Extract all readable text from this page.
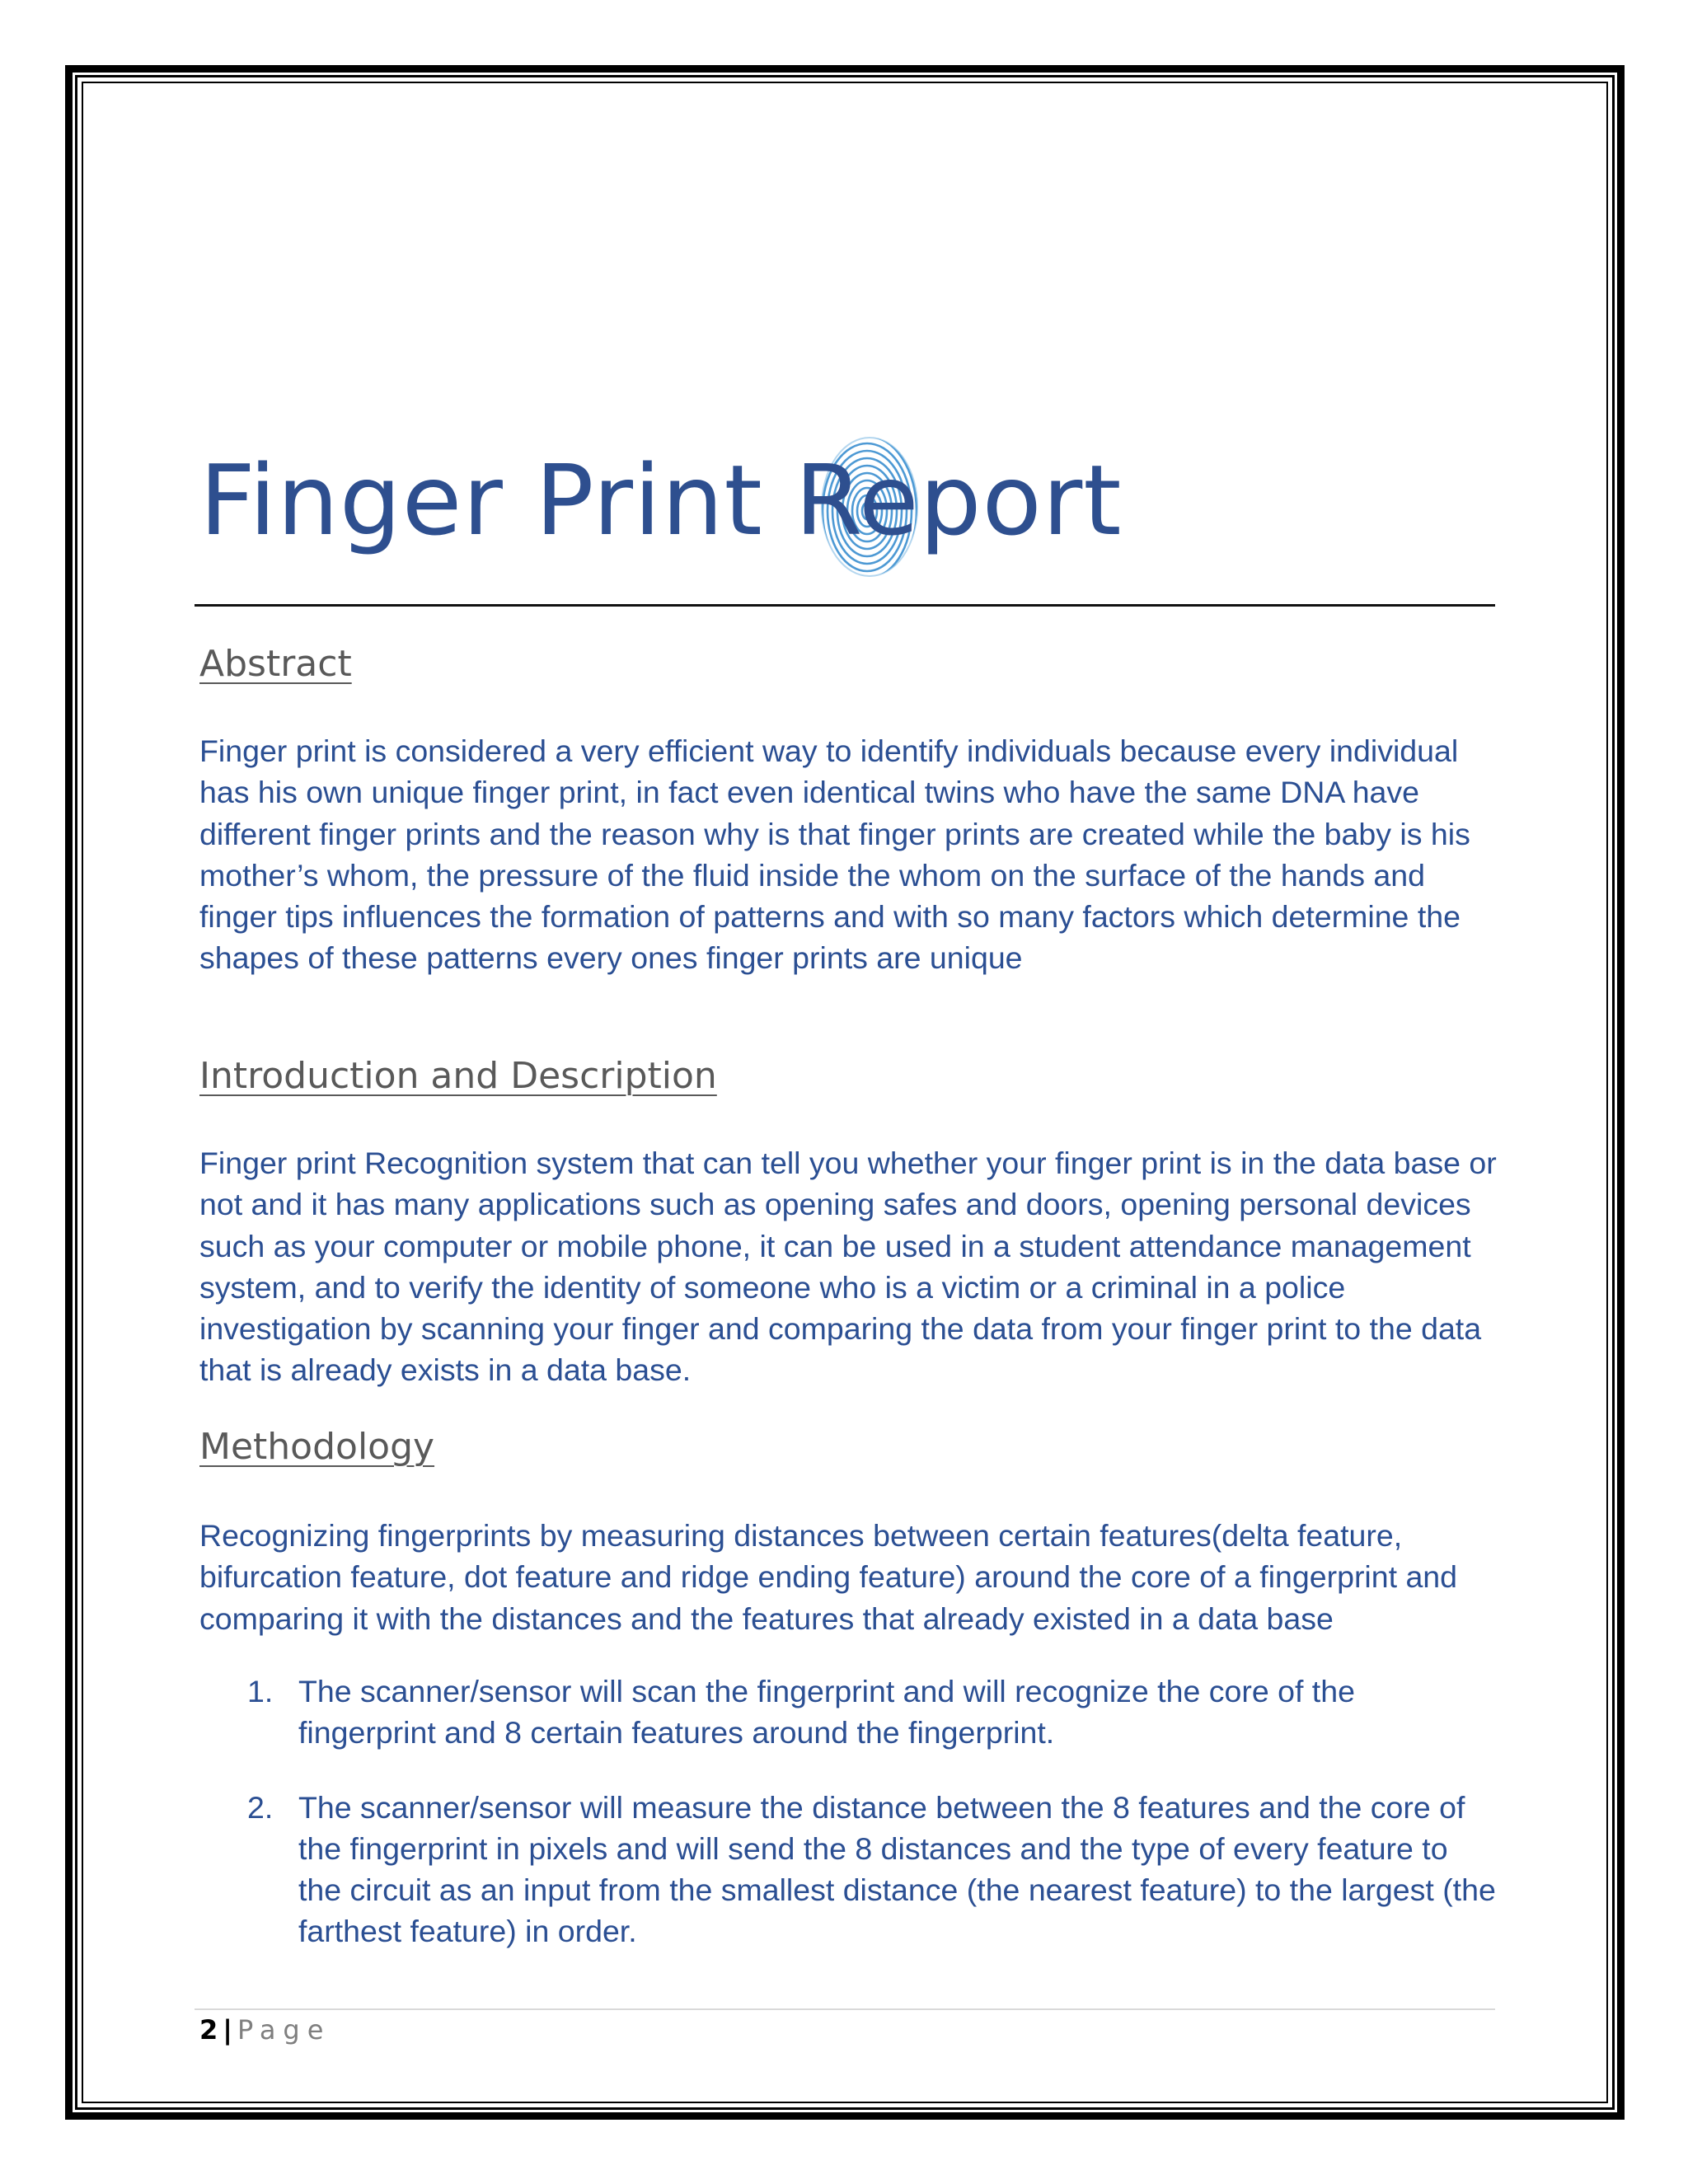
Finger Print Report
Abstract

Finger print is considered a very efficient way to identify individuals because every individual has his own unique finger print, in fact even identical twins who have the same DNA have different finger prints and the reason why is that finger prints are created while the baby is his mother’s whom, the pressure of the fluid inside the whom on the surface of the hands and finger tips influences the formation of patterns and with so many factors which determine the shapes of these patterns every ones finger prints are unique

Introduction and Description

Finger print Recognition system that can tell you whether your finger print is in the data base or not and it has many applications such as opening safes and doors, opening personal devices such as your computer or mobile phone, it can be used in a student attendance management system, and to verify the identity of someone who is a victim or a criminal in a police investigation by scanning your finger and comparing the data from your finger print to the data that is already exists in a data base.

Methodology

Recognizing fingerprints by measuring distances between certain features(delta feature, bifurcation feature, dot feature and ridge ending feature) around the core of a fingerprint and comparing it with the distances and the features that already existed in a data base

1. The scanner/sensor will scan the fingerprint and will recognize the core of the fingerprint and 8 certain features around the fingerprint.
2. The scanner/sensor will measure the distance between the 8 features and the core of the fingerprint in pixels and will send the 8 distances and the type of every feature to the circuit as an input from the smallest distance (the nearest feature) to the largest (the farthest feature) in order.
2 | Page
